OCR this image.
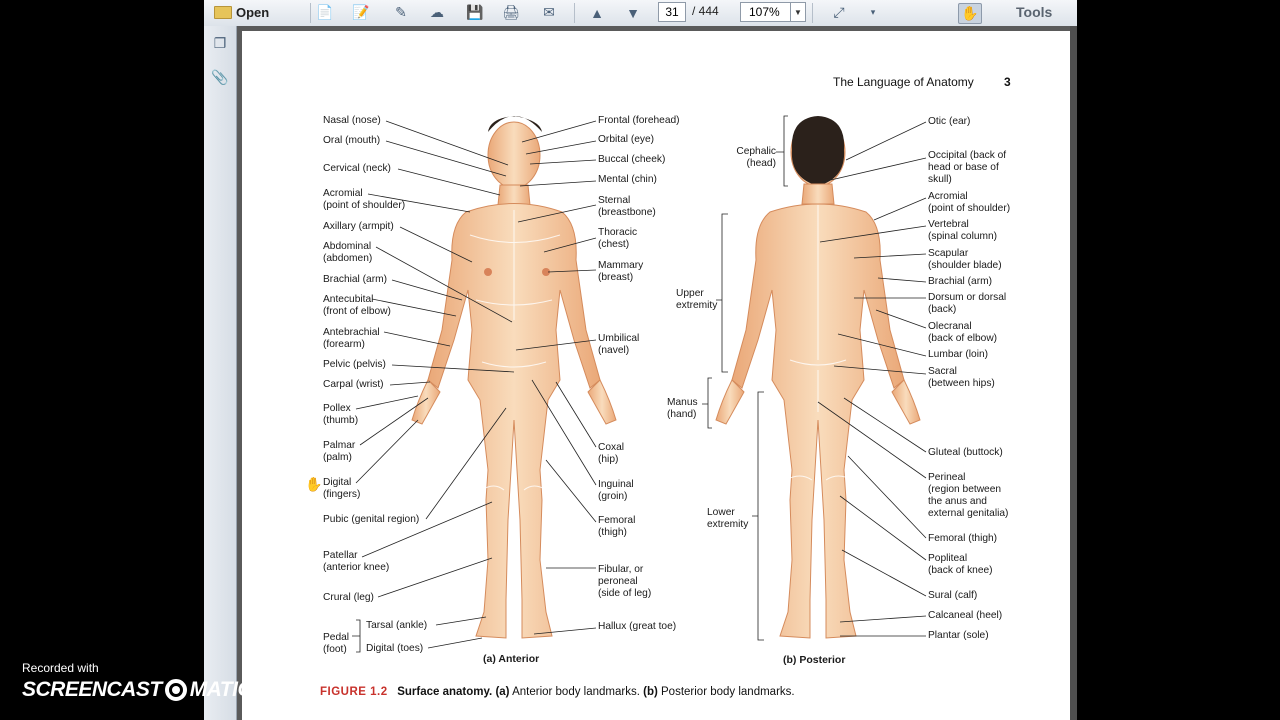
Open	📄 📝	✎	☁ 💾 🖨	✉	▲ ▼	31	/ 444	107%	▼	⤢	▾	✋	Tools
❐
📎	The Language of Anatomy	3
Nasal (nose)
Oral (mouth)
Cervical (neck)
Acromial
(point of shoulder)
Axillary (armpit)
Abdominal
(abdomen)
Brachial (arm)
Antecubital
(front of elbow)
Antebrachial
(forearm)
Pelvic (pelvis)
Carpal (wrist)
Pollex
(thumb)
Palmar
(palm)
Digital
(fingers)
Pubic (genital region)
Patellar
(anterior knee)
Crural (leg)
Pedal
(foot)
Tarsal (ankle)
Digital (toes)
Frontal (forehead)
Orbital (eye)
Buccal (cheek)
Mental (chin)
Sternal
(breastbone)
Thoracic
(chest)
Mammary
(breast)
Umbilical
(navel)
Coxal
(hip)
Inguinal
(groin)
Femoral
(thigh)
Fibular, or
peroneal
(side of leg)
Hallux (great toe)
Cephalic
(head)
Upper
extremity
Manus
(hand)
Lower
extremity
Otic (ear)
Occipital (back of
head or base of
skull)
Acromial
(point of shoulder)
Vertebral
(spinal column)
Scapular
(shoulder blade)
Brachial (arm)
Dorsum or dorsal
(back)
Olecranal
(back of elbow)
Lumbar (loin)
Sacral
(between hips)
Gluteal (buttock)
Perineal
(region between
the anus and
external genitalia)
Femoral (thigh)
Popliteal
(back of knee)
Sural (calf)
Calcaneal (heel)
Plantar (sole)
(a) Anterior	(b) Posterior
FIGURE 1.2 Surface anatomy. (a) Anterior body landmarks. (b) Posterior body landmarks.
✋
Recorded with
SCREENCAST MATIC
